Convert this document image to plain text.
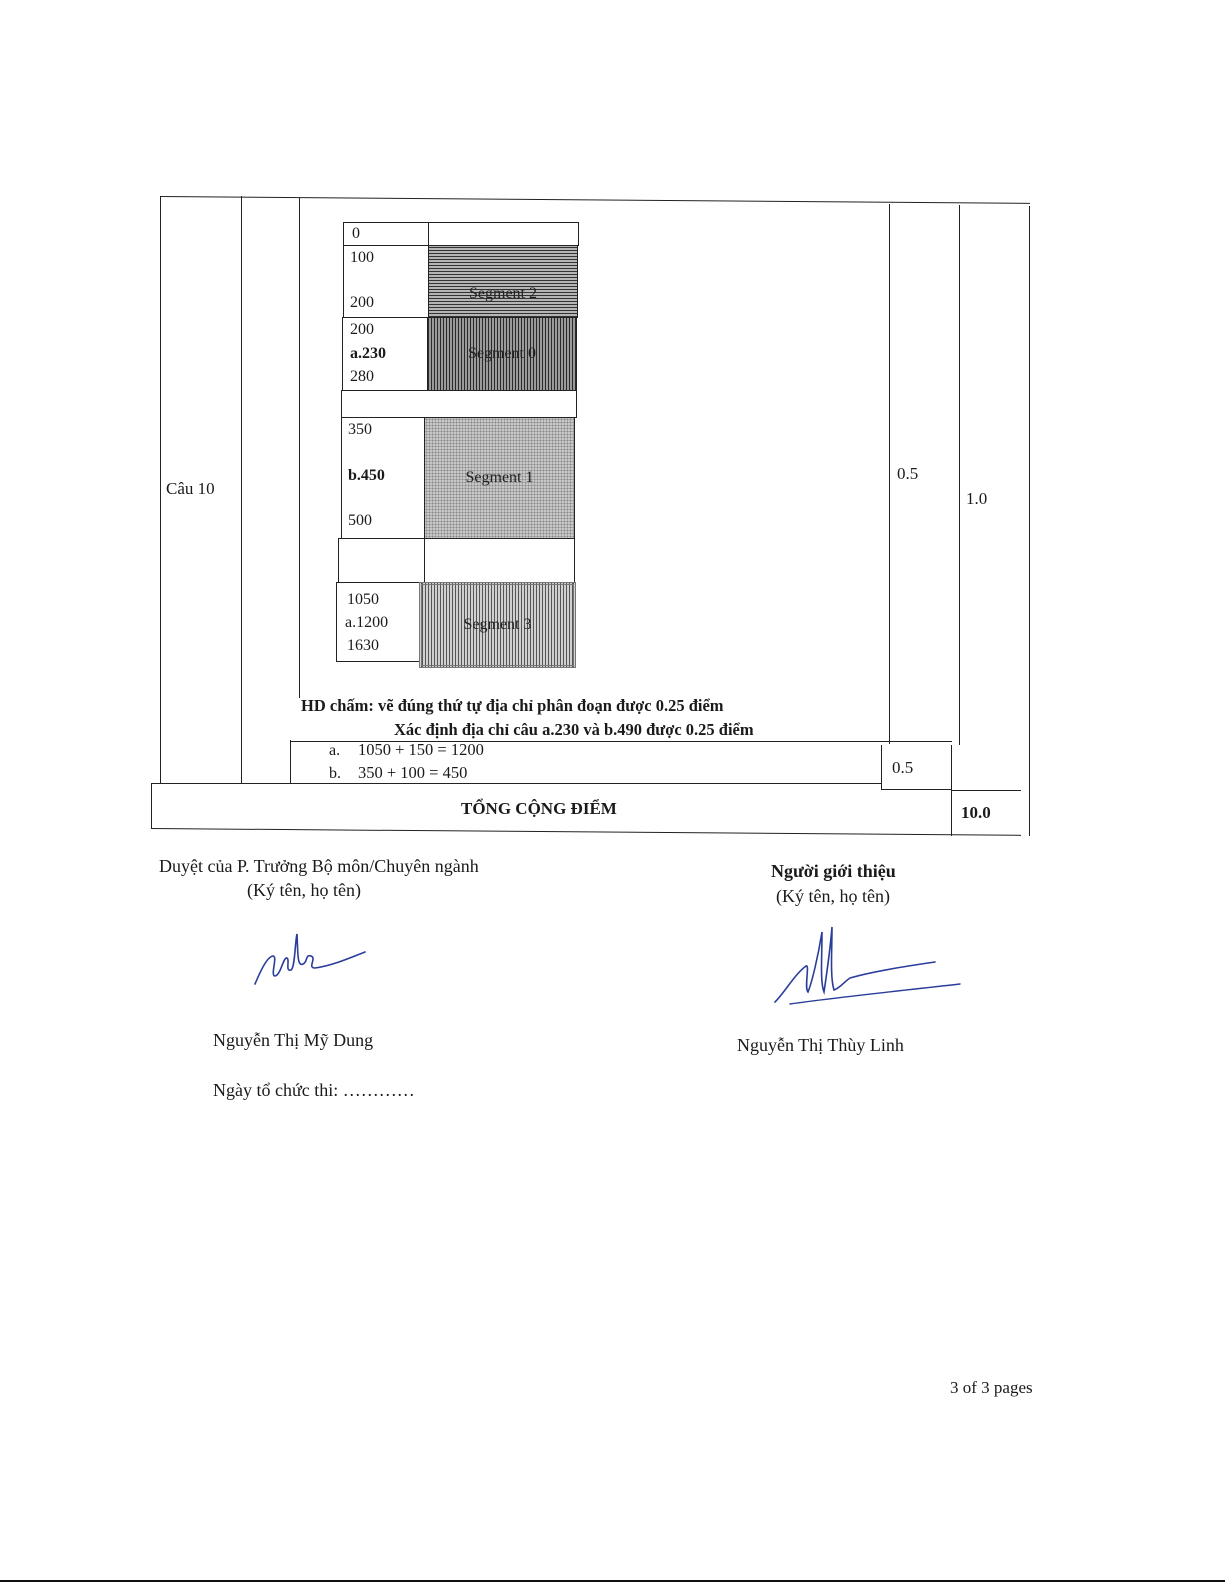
Câu 10
0
100
200
200
a.230
280
350
b.450
500
1050
a.1200
1630
Segment 2
Segment 0
Segment 1
Segment 3
HD chấm: vẽ đúng thứ tự địa chỉ phân đoạn được 0.25 điểm
Xác định địa chỉ câu a.230 và b.490 được 0.25 điểm
0.5
1.0
a. 1050 + 150 = 1200
b. 350 + 100 = 450	0.5
TỔNG CỘNG ĐIỂM	10.0
Duyệt của P. Trưởng Bộ môn/Chuyên ngành
(Ký tên, họ tên)
Nguyễn Thị Mỹ Dung
Ngày tổ chức thi: …………
Người giới thiệu
(Ký tên, họ tên)
Nguyễn Thị Thùy Linh
3 of 3 pages
